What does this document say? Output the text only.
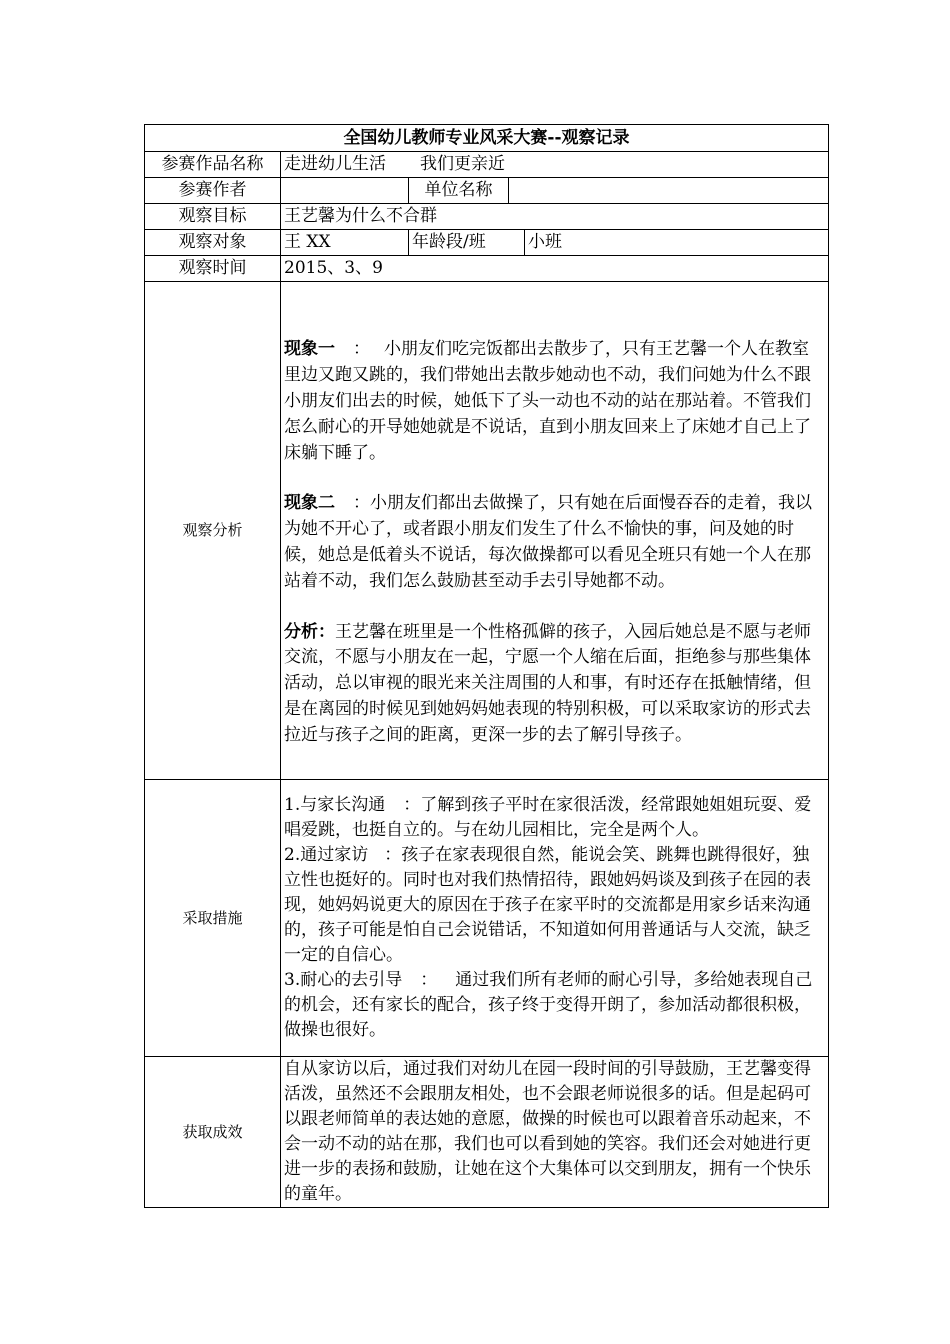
全国幼儿教师专业风采大赛--观察记录				
参赛作品名称	走进幼儿生活 我们更亲近			
参赛作者		单位名称		
观察目标	王艺馨为什么不合群			
观察对象	王 XX	年龄段/班		小班
观察时间	2015、3、9			
观察分析	现象一 ： 小朋友们吃完饭都出去散步了，只有王艺馨一个人在教室里边又跑又跳的，我们带她出去散步她动也不动，我们问她为什么不跟小朋友们出去的时候，她低下了头一动也不动的站在那站着。不管我们怎么耐心的开导她她就是不说话，直到小朋友回来上了床她才自己上了床躺下睡了。

现象二 ：小朋友们都出去做操了，只有她在后面慢吞吞的走着，我以为她不开心了，或者跟小朋友们发生了什么不愉快的事，问及她的时候，她总是低着头不说话，每次做操都可以看见全班只有她一个人在那站着不动，我们怎么鼓励甚至动手去引导她都不动。

分析：王艺馨在班里是一个性格孤僻的孩子，入园后她总是不愿与老师交流，不愿与小朋友在一起，宁愿一个人缩在后面，拒绝参与那些集体活动，总以审视的眼光来关注周围的人和事，有时还存在抵触情绪，但是在离园的时候见到她妈妈她表现的特别积极，可以采取家访的形式去拉近与孩子之间的距离，更深一步的去了解引导孩子。			

采取措施	1.与家长沟通 ：了解到孩子平时在家很活泼，经常跟她姐姐玩耍、爱唱爱跳，也挺自立的。与在幼儿园相比，完全是两个人。

2.通过家访 ：孩子在家表现很自然，能说会笑、跳舞也跳得很好，独立性也挺好的。同时也对我们热情招待，跟她妈妈谈及到孩子在园的表现，她妈妈说更大的原因在于孩子在家平时的交流都是用家乡话来沟通的，孩子可能是怕自己会说错话，不知道如何用普通话与人交流，缺乏一定的自信心。

3.耐心的去引导 ： 通过我们所有老师的耐心引导，多给她表现自己的机会，还有家长的配合，孩子终于变得开朗了，参加活动都很积极，做操也很好。			

获取成效	自从家访以后，通过我们对幼儿在园一段时间的引导鼓励，王艺馨变得活泼，虽然还不会跟朋友相处，也不会跟老师说很多的话。但是起码可以跟老师简单的表达她的意愿，做操的时候也可以跟着音乐动起来，不会一动不动的站在那，我们也可以看到她的笑容。我们还会对她进行更进一步的表扬和鼓励，让她在这个大集体可以交到朋友，拥有一个快乐的童年。			
